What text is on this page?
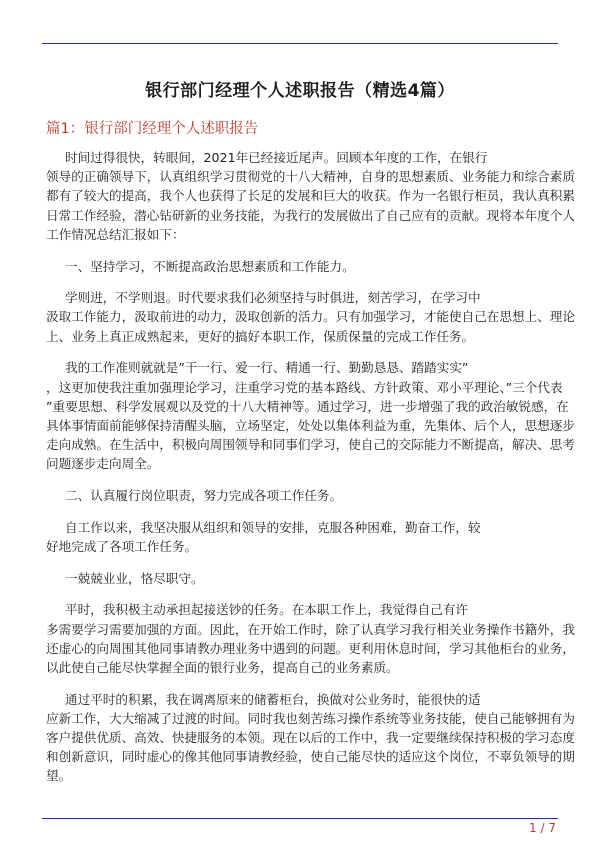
银行部门经理个人述职报告（精选4篇）
篇1：银行部门经理个人述职报告

时间过得很快，转眼间，2021年已经接近尾声。回顾本年度的工作，在银行
领导的正确领导下，认真组织学习贯彻党的十八大精神，自身的思想素质、业务能力和综合素质
都有了较大的提高，我个人也获得了长足的发展和巨大的收获。作为一名银行柜员，我认真积累
日常工作经验，潜心钻研新的业务技能，为我行的发展做出了自己应有的贡献。现将本年度个人
工作情况总结汇报如下：

一、坚持学习，不断提高政治思想素质和工作能力。

学则进，不学则退。时代要求我们必须坚持与时俱进，刻苦学习，在学习中
汲取工作能力，汲取前进的动力，汲取创新的活力。只有加强学习，才能使自己在思想上、理论
上、业务上真正成熟起来，更好的搞好本职工作，保质保量的完成工作任务。

我的工作准则就就是”干一行、爱一行、精通一行、勤勤恳恳、踏踏实实”
，这更加使我注重加强理论学习，注重学习党的基本路线、方针政策、邓小平理论、”三个代表
”重要思想、科学发展观以及党的十八大精神等。通过学习，进一步增强了我的政治敏锐感，在
具体事情面前能够保持清醒头脑，立场坚定，处处以集体利益为重，先集体、后个人，思想逐步
走向成熟。在生活中，积极向周围领导和同事们学习，使自己的交际能力不断提高，解决、思考
问题逐步走向周全。

二、认真履行岗位职责，努力完成各项工作任务。

自工作以来，我坚决服从组织和领导的安排，克服各种困难，勤奋工作，较
好地完成了各项工作任务。

一兢兢业业，恪尽职守。

平时，我积极主动承担起接送钞的任务。在本职工作上，我觉得自己有许
多需要学习需要加强的方面。因此，在开始工作时，除了认真学习我行相关业务操作书籍外，我
还虚心的向周围其他同事请教办理业务中遇到的问题。更利用休息时间，学习其他柜台的业务，
以此使自己能尽快掌握全面的银行业务，提高自己的业务素质。

通过平时的积累，我在调离原来的储蓄柜台，换做对公业务时，能很快的适
应新工作，大大缩减了过渡的时间。同时我也刻苦练习操作系统等业务技能，使自己能够拥有为
客户提供优质、高效、快捷服务的本领。现在以后的工作中，我一定要继续保持积极的学习态度
和创新意识，同时虚心的像其他同事请教经验，使自己能尽快的适应这个岗位，不辜负领导的期
望。

1 / 7
